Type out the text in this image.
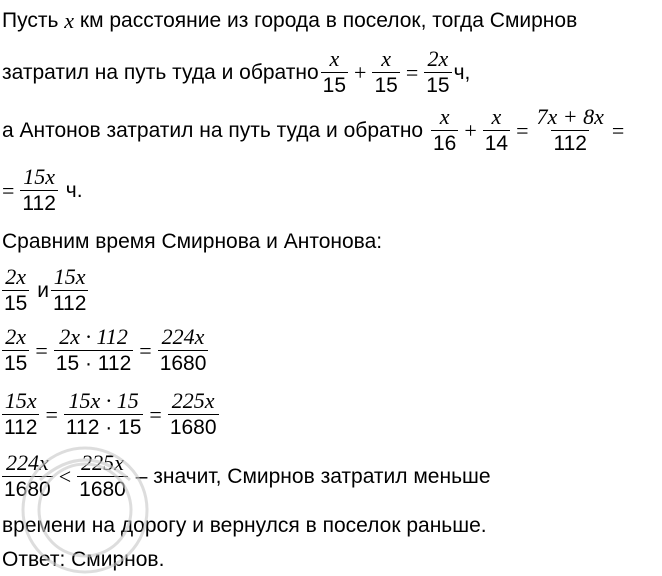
Пусть
x
км расстояние из города в поселок, тогда Смирнов
затратил на путь туда и обратно $\frac{x}{15} + \frac{x}{15} = \frac{2x}{15} ч$,
а Антонов затратил на путь туда и обратно
$\frac{x}{16} + \frac{x}{14} = \frac{7x + 8x}{112}$ =
= $\frac{15x}{112}$
ч.
Сравним время Смирнова и Антонова:
$\frac{2x}{15}$
и $\frac{15x}{112}$
$\frac{2x}{15} = \frac{2x \cdot 112}{15 \cdot 112} = \frac{224x}{1680}$
$\frac{15x}{112} = \frac{15x \cdot 15}{112 \cdot 15} = \frac{225x}{1680}$
$\frac{224x}{1680} < \frac{225x}{1680}$
– значит, Смирнов затратил меньше
времени на дорогу и вернулся в поселок раньше.
Ответ: Смирнов.
